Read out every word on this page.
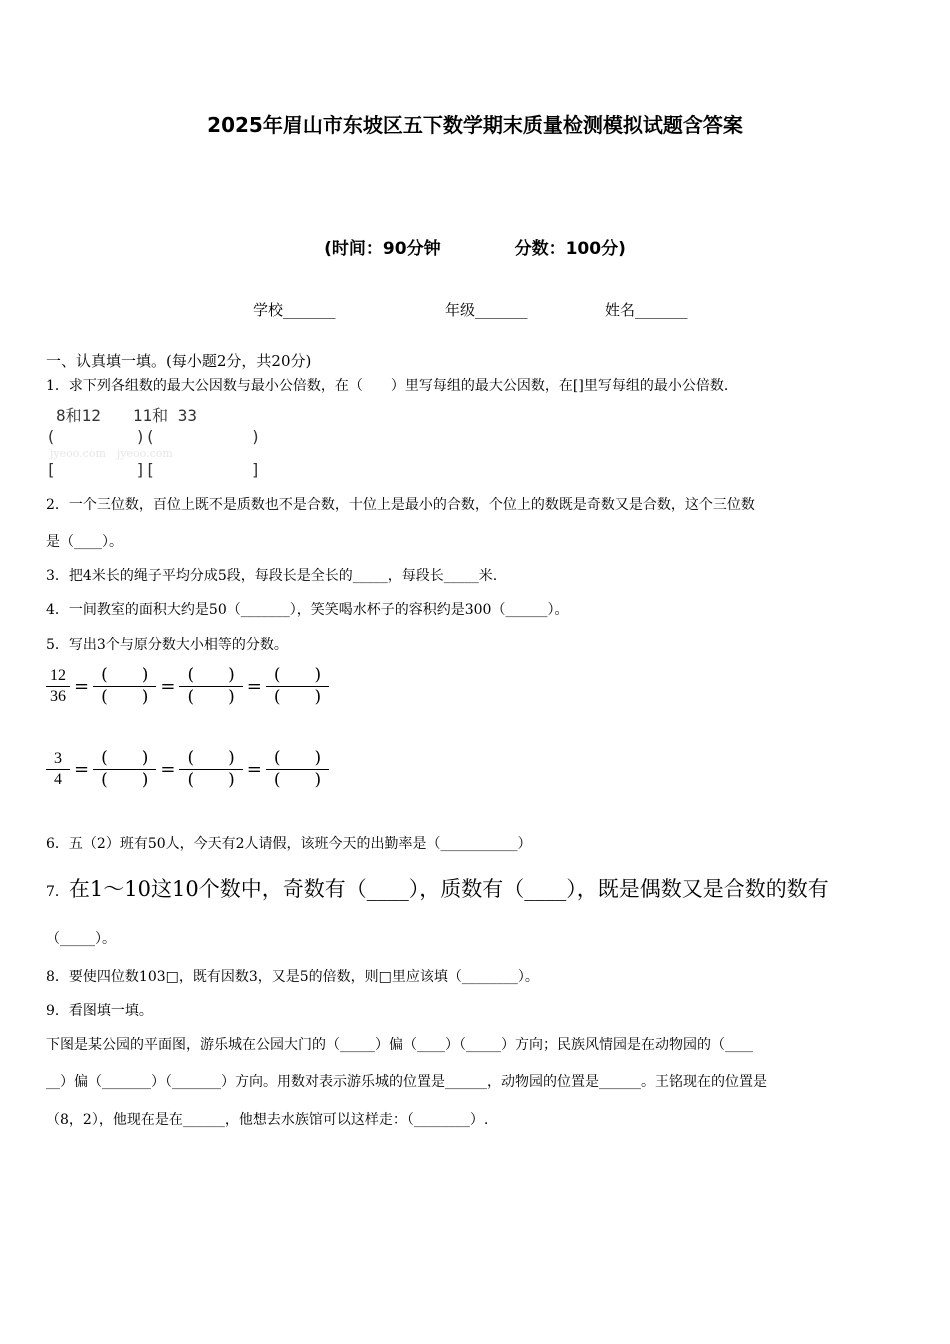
2025年眉山市东坡区五下数学期末质量检测模拟试题含答案
(时间：90分钟	分数：100分)
学校_______	年级_______	姓名_______
一、认真填一填。(每小题2分，共20分)
1．求下列各组数的最大公因数与最小公倍数，在（　　）里写每组的最大公因数，在[]里写每组的最小公倍数．
8和12　　11和 33
(　　　　　)(　　　　　　)
jyeoo.com　jyeoo.com
[　　　　　][　　　　　　]
2．一个三位数，百位上既不是质数也不是合数，十位上是最小的合数，个位上的数既是奇数又是合数，这个三位数
是（____）。
3．把4米长的绳子平均分成5段，每段长是全长的_____，每段长_____米.
4．一间教室的面积大约是50（_______），笑笑喝水杯子的容积约是300（______）。
5．写出3个与原分数大小相等的分数。
$\frac{12}{36}$ =
(　　)
(　　)
=
(　　)
(　　)
=
(　　)
(　　)
$\frac{3}{4}$ =
(　　)
(　　)
=
(　　)
(　　)
=
(　　)
(　　)
6．五（2）班有50人，今天有2人请假，该班今天的出勤率是（___________）
7．在1～10这10个数中，奇数有（____），质数有（____），既是偶数又是合数的数有
（_____）。
8．要使四位数103□，既有因数3，又是5的倍数，则□里应该填（________）。
9．看图填一填。
下图是某公园的平面图，游乐城在公园大门的（_____）偏（____）（_____）方向；民族风情园是在动物园的（____
__）偏（_______）（_______）方向。用数对表示游乐城的位置是______，动物园的位置是______。王铭现在的位置是
（8，2），他现在是在______，他想去水族馆可以这样走：（________）.
